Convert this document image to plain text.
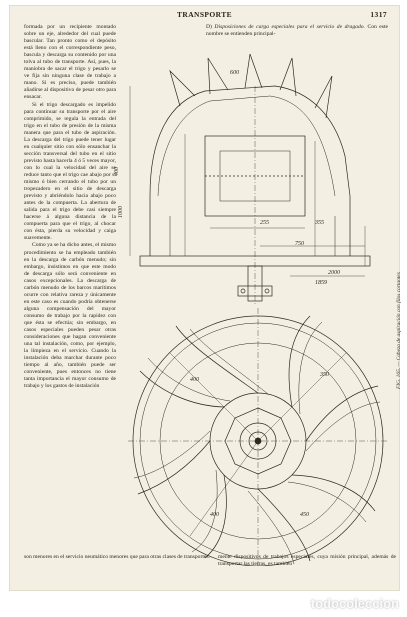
TRANSPORTE	1317

formada por un recipiente montado sobre un eje, alrededor del cual puede bascular. Tan pronto como el depósito está lleno con el correspondiente peso, bascula y descarga su contenido por una tolva al tubo de transporte. Así, pues, la maniobra de sacar el trigo y pesarlo se ve fija sin ninguna clase de trabajo a mano. Si es preciso, puede también añadirse al dispositivo de pesar otro para ensacar.

Si el trigo descargado es impelido para continuar su transporte por el aire comprimido, se regula la entrada del trigo en el tubo de presión de la misma manera que para el tubo de aspiración. La descarga del trigo puede tener lugar en cualquier sitio con sólo ensanchar la sección transversal del tubo en el sitio previsto hasta hacerla 4 ó 5 veces mayor, con lo cual la velocidad del aire se reduce tanto que el trigo cae abajo por sí mismo ó bien cerrando el tubo por un tropezadero en el sitio de descarga previsto y abriéndolo hacia abajo poco antes de la compuerta. La abertura de salida para el trigo debe casi siempre hacerse á alguna distancia de la compuerta para que el trigo, al chocar con ésta, pierda su velocidad y caiga suavemente.

Como ya se ha dicho antes, el mismo procedimiento se ha empleado también en la descarga de carbón menudo; sin embargo, insistimos en que este modo de descarga sólo será conveniente en casos excepcionales. La descarga de carbón menudo de los barcos marítimos ocurre con relativa rareza y únicamente en este caso es cuando podría obtenerse alguna compensación del mayor consumo de trabajo por la rapidez con que ésta se efectúa; sin embargo, en casos especiales pueden pesar otras consideraciones que hagan conveniente una tal instalación, como, por ejemplo, la limpieza en el servicio. Cuando la instalación deba marchar durante poco tiempo al año, también puede ser conveniente, pues entonces no tiene tanta importancia el mayor consumo de trabajo y los gastos de instalación

D) Disposiciones de carga especiales para el servicio de dragado. Con este nombre se entienden principal-

600
400
1000
355
255
750
2000
1859
400
350
400	450
FIG. 165. — Cabeza de aspiración con filos cortantes

son menores en el servicio neumático menores que para otras clases de transportes.	mente dispositivos de trabajos especiales, cuya misión principal, además de transportar las tierras, es también

todocoleccion
